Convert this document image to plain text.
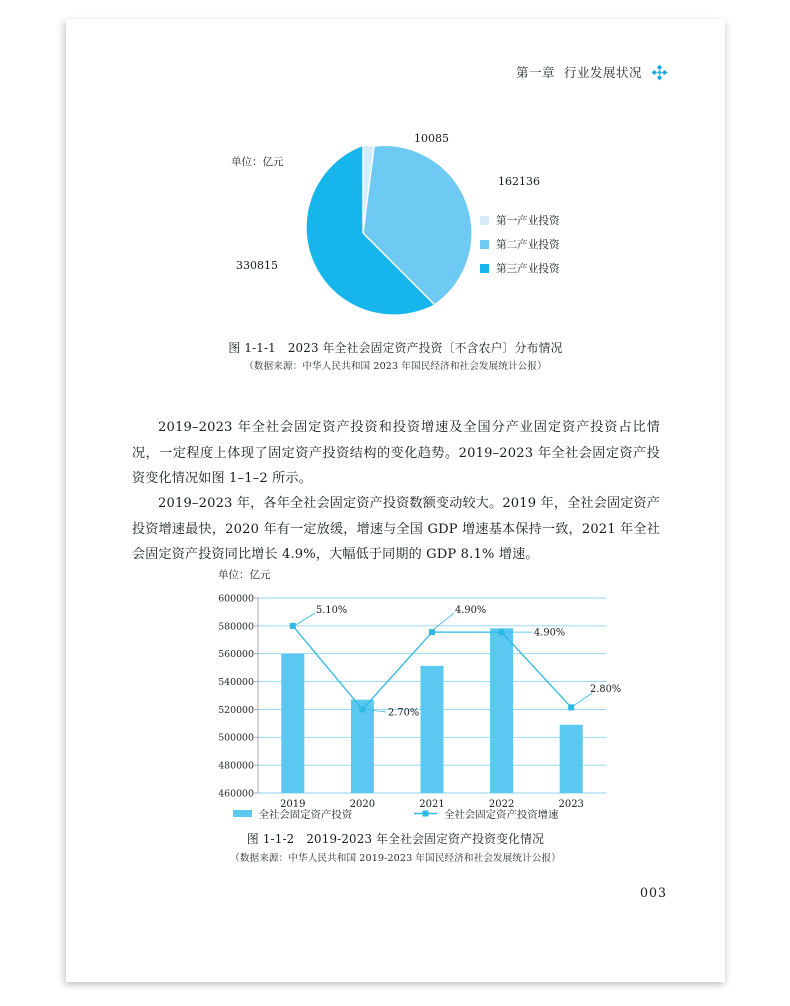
第一章 行业发展状况
单位：亿元
10085
162136
330815
第一产业投资
第二产业投资
第三产业投资
图 1-1-1　2023 年全社会固定资产投资〔不含农户〕分布情况
（数据来源：中华人民共和国 2023 年国民经济和社会发展统计公报）

2019–2023 年全社会固定资产投资和投资增速及全国分产业固定资产投资占比情况，一定程度上体现了固定资产投资结构的变化趋势。2019–2023 年全社会固定资产投资变化情况如图 1–1–2 所示。

2019–2023 年，各年全社会固定资产投资数额变动较大。2019 年，全社会固定资产投资增速最快，2020 年有一定放缓，增速与全国 GDP 增速基本保持一致，2021 年全社会固定资产投资同比增长 4.9%，大幅低于同期的 GDP 8.1% 增速。

单位：亿元
600000
580000
560000
540000
520000
500000
480000
460000
5.10%
2.70%
4.90%
4.90%
2.80%
2019	2020	2021	2022	2023
全社会固定资产投资	全社会固定资产投资增速
图 1-1-2　2019-2023 年全社会固定资产投资变化情况
（数据来源：中华人民共和国 2019-2023 年国民经济和社会发展统计公报）
003
